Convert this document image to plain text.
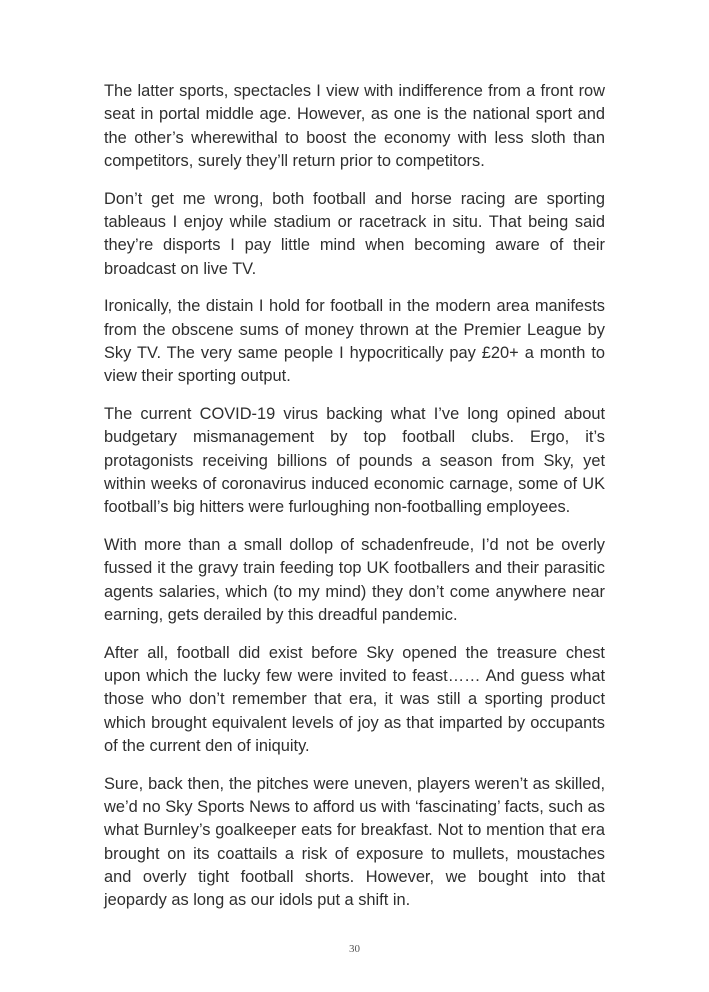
The latter sports, spectacles I view with indifference from a front row seat in portal middle age. However, as one is the national sport and the other’s wherewithal to boost the economy with less sloth than competitors, surely they’ll return prior to competitors.

Don’t get me wrong, both football and horse racing are sporting tableaus I enjoy while stadium or racetrack in situ. That being said they’re disports I pay little mind when becoming aware of their broadcast on live TV.

Ironically, the distain I hold for football in the modern area manifests from the obscene sums of money thrown at the Premier League by Sky TV. The very same people I hypocritically pay £20+ a month to view their sporting output.

The current COVID-19 virus backing what I’ve long opined about budgetary mismanagement by top football clubs. Ergo, it’s protagonists receiving billions of pounds a season from Sky, yet within weeks of coronavirus induced economic carnage, some of UK football’s big hitters were furloughing non-footballing employees.

With more than a small dollop of schadenfreude, I’d not be overly fussed it the gravy train feeding top UK footballers and their parasitic agents salaries, which (to my mind) they don’t come anywhere near earning, gets derailed by this dreadful pandemic.

After all, football did exist before Sky opened the treasure chest upon which the lucky few were invited to feast…… And guess what those who don’t remember that era, it was still a sporting product which brought equivalent levels of joy as that imparted by occupants of the current den of iniquity.

Sure, back then, the pitches were uneven, players weren’t as skilled, we’d no Sky Sports News to afford us with ‘fascinating’ facts, such as what Burnley’s goalkeeper eats for breakfast. Not to mention that era brought on its coattails a risk of exposure to mullets, moustaches and overly tight football shorts. However, we bought into that jeopardy as long as our idols put a shift in.

30
